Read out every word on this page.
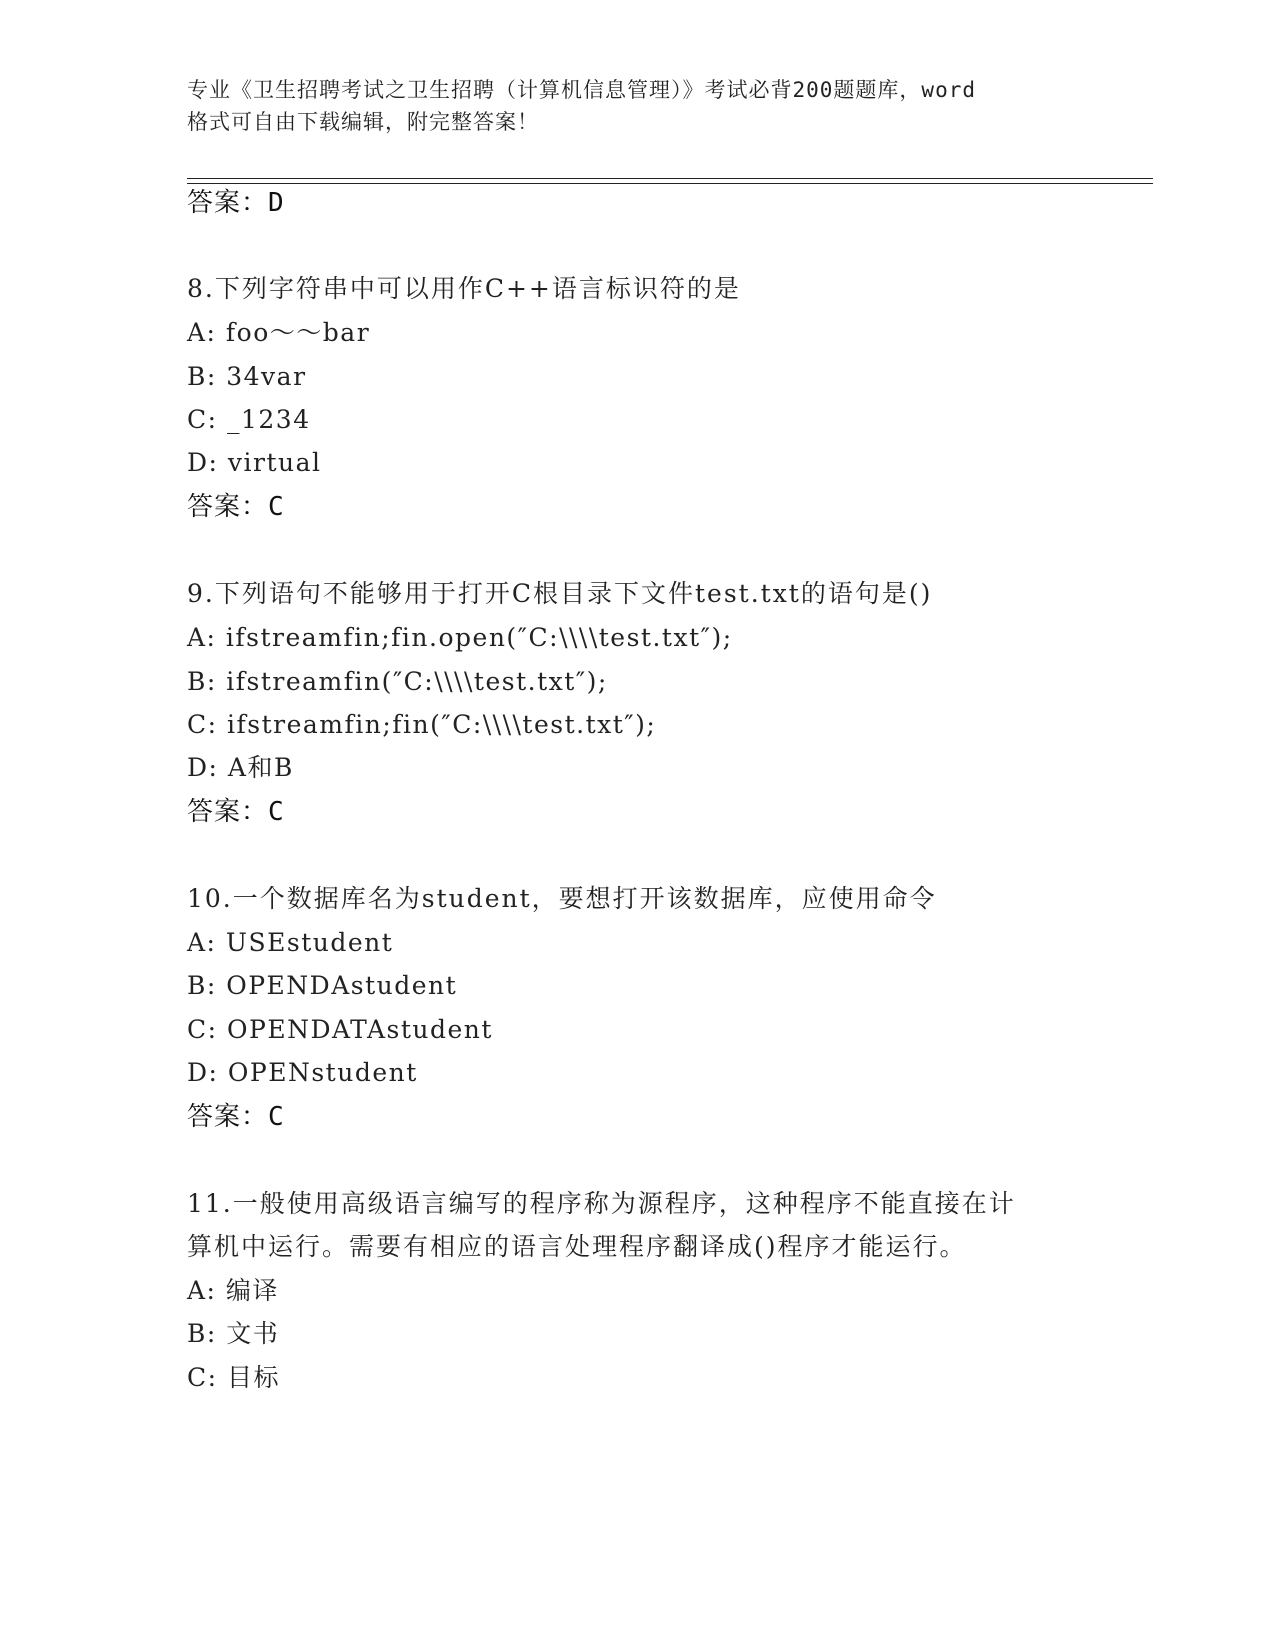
专业《卫生招聘考试之卫生招聘（计算机信息管理）》考试必背200题题库，word
格式可自由下载编辑，附完整答案！
答案：D
8.下列字符串中可以用作C++语言标识符的是
A: foo～～bar
B: 34var
C: _1234
D: virtual
答案：C
9.下列语句不能够用于打开C根目录下文件test.txt的语句是()
A: ifstreamfin;fin.open(″C:\\\\test.txt″);
B: ifstreamfin(″C:\\\\test.txt″);
C: ifstreamfin;fin(″C:\\\\test.txt″);
D: A和B
答案：C
10.一个数据库名为student，要想打开该数据库，应使用命令
A: USEstudent
B: OPENDAstudent
C: OPENDATAstudent
D: OPENstudent
答案：C
11.一般使用高级语言编写的程序称为源程序，这种程序不能直接在计
算机中运行。需要有相应的语言处理程序翻译成()程序才能运行。
A: 编译
B: 文书
C: 目标
